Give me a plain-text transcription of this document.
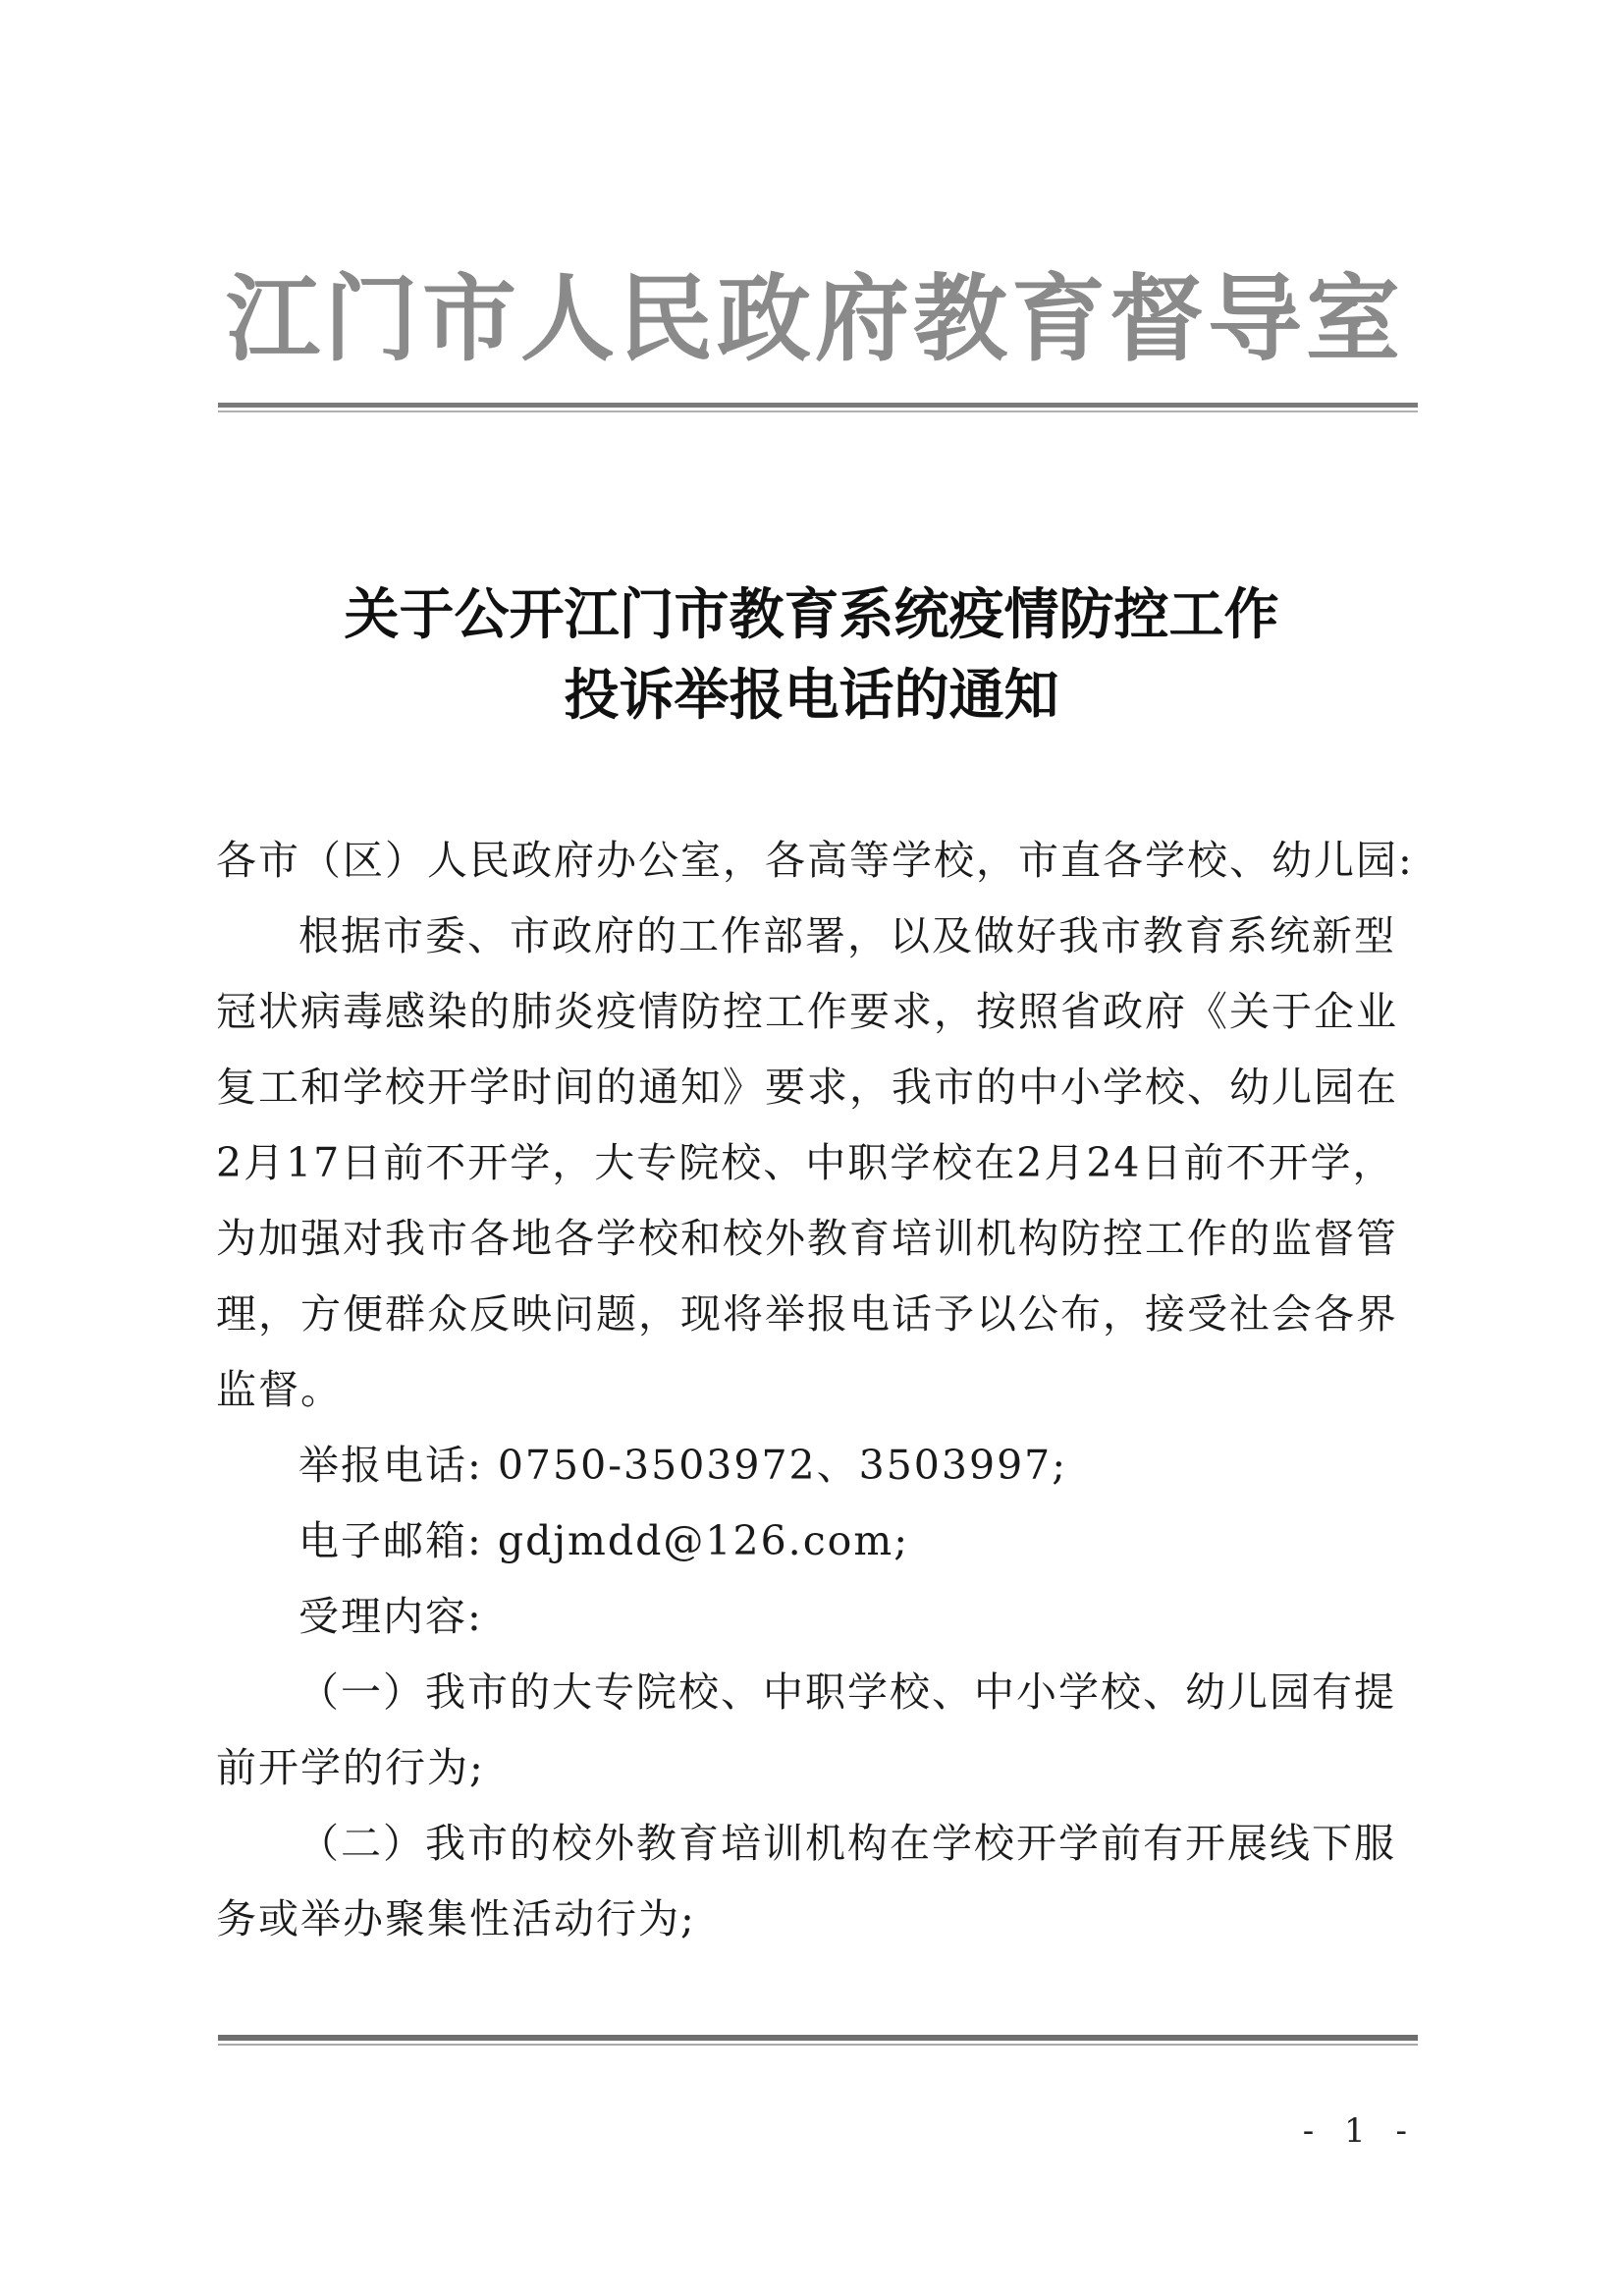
江门市人民政府教育督导室
关于公开江门市教育系统疫情防控工作
投诉举报电话的通知

各市（区）人民政府办公室，各高等学校，市直各学校、幼儿园:

根据市委、市政府的工作部署，以及做好我市教育系统新型冠状病毒感染的肺炎疫情防控工作要求，按照省政府《关于企业复工和学校开学时间的通知》要求，我市的中小学校、幼儿园在2月17日前不开学，大专院校、中职学校在2月24日前不开学，为加强对我市各地各学校和校外教育培训机构防控工作的监督管理，方便群众反映问题，现将举报电话予以公布，接受社会各界监督。

举报电话: 0750-3503972、3503997;

电子邮箱: gdjmdd@126.com;

受理内容:

（一）我市的大专院校、中职学校、中小学校、幼儿园有提前开学的行为;

（二）我市的校外教育培训机构在学校开学前有开展线下服务或举办聚集性活动行为;

- 1 -
